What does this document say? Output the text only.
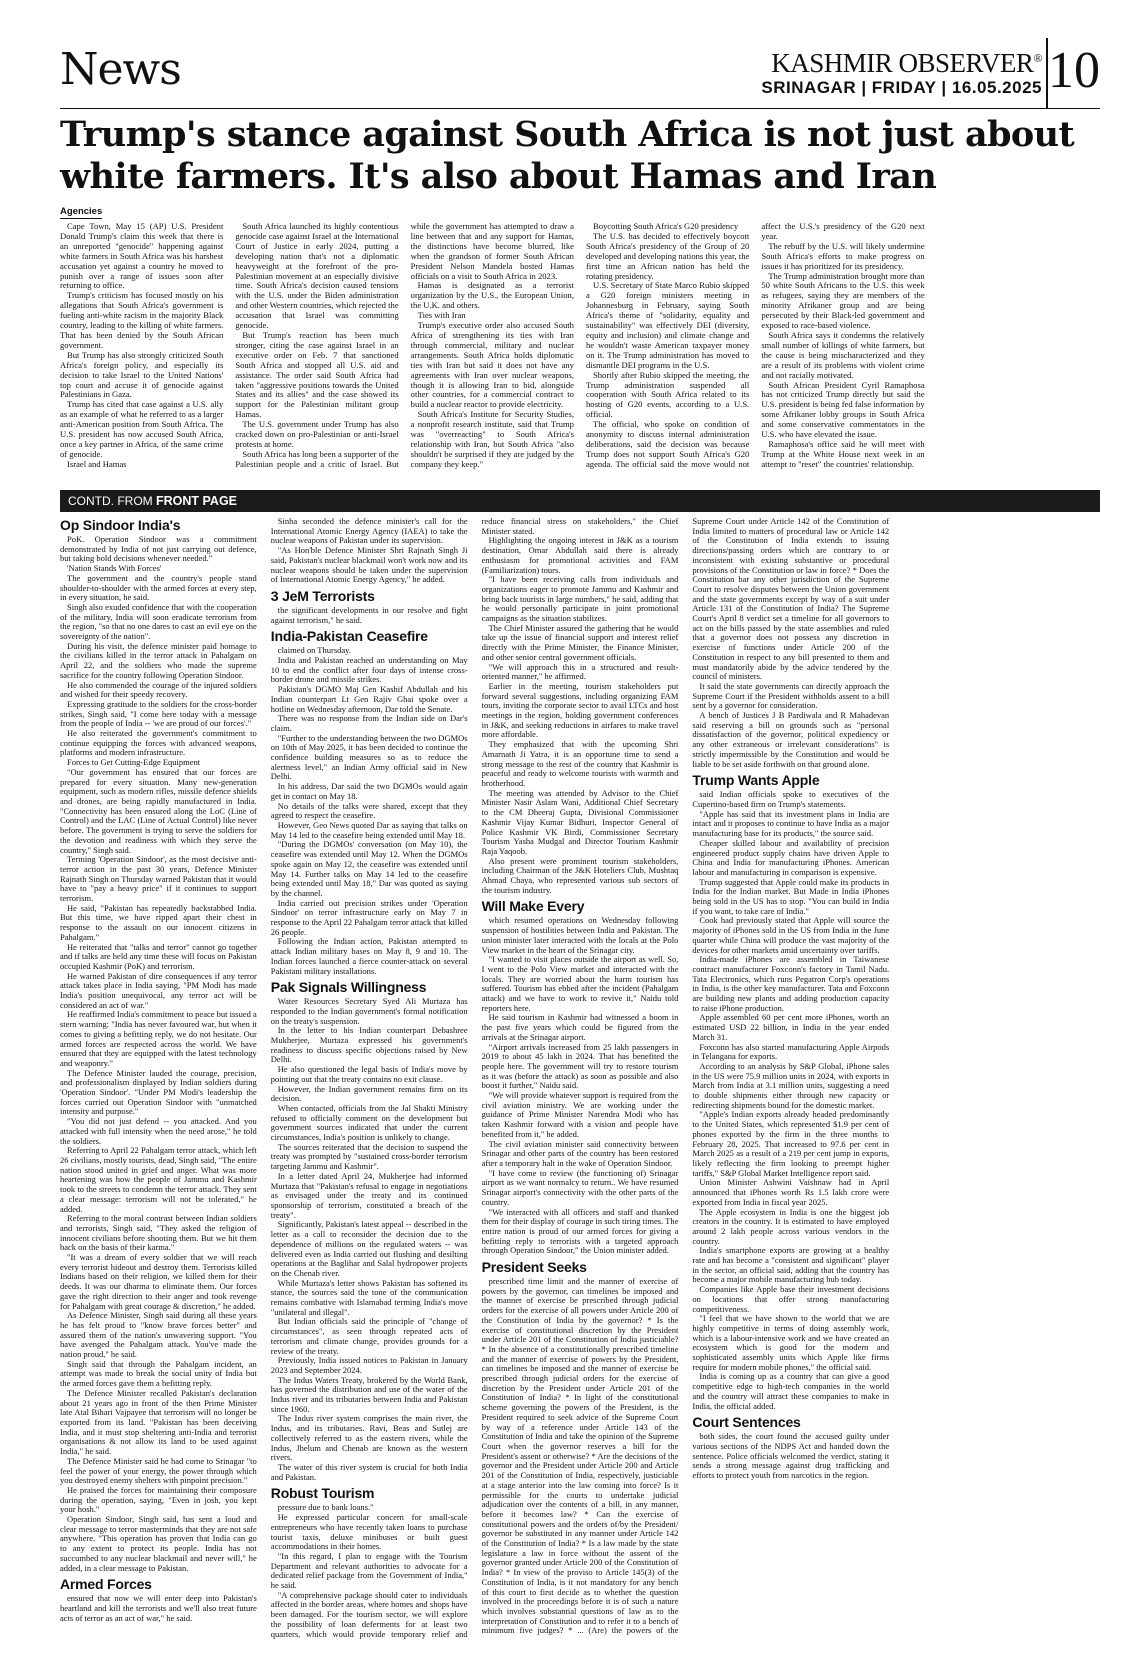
News	KASHMIR OBSERVER®
SRINAGAR | FRIDAY | 16.05.2025 10
Trump's stance against South Africa is not just about white farmers. It's also about Hamas and Iran
Agencies

Cape Town, May 15 (AP) U.S. President Donald Trump's claim this week that there is an unreported "genocide" happening against white farmers in South Africa was his harshest accusation yet against a country he moved to punish over a range of issues soon after returning to office.

Trump's criticism has focused mostly on his allegations that South Africa's government is fueling anti-white racism in the majority Black country, leading to the killing of white farmers. That has been denied by the South African government.

But Trump has also strongly criticized South Africa's foreign policy, and especially its decision to take Israel to the United Nations' top court and accuse it of genocide against Palestinians in Gaza.

Trump has cited that case against a U.S. ally as an example of what he referred to as a larger anti-American position from South Africa. The U.S. president has now accused South Africa, once a key partner in Africa, of the same crime of genocide.

Israel and Hamas

South Africa launched its highly contentious genocide case against Israel at the International Court of Justice in early 2024, putting a developing nation that's not a diplomatic heavyweight at the forefront of the pro-Palestinian movement at an especially divisive time. South Africa's decision caused tensions with the U.S. under the Biden administration and other Western countries, which rejected the accusation that Israel was committing genocide.

But Trump's reaction has been much stronger, citing the case against Israel in an executive order on Feb. 7 that sanctioned South Africa and stopped all U.S. aid and assistance. The order said South Africa had taken "aggressive positions towards the United States and its allies" and the case showed its support for the Palestinian militant group Hamas.

The U.S. government under Trump has also cracked down on pro-Palestinian or anti-Israel protests at home.

South Africa has long been a supporter of the Palestinian people and a critic of Israel. But while the government has attempted to draw a line between that and any support for Hamas, the distinctions have become blurred, like when the grandson of former South African President Nelson Mandela hosted Hamas officials on a visit to South Africa in 2023.

Hamas is designated as a terrorist organization by the U.S., the European Union, the U.K. and others.

Ties with Iran

Trump's executive order also accused South Africa of strengthening its ties with Iran through commercial, military and nuclear arrangements. South Africa holds diplomatic ties with Iran but said it does not have any agreements with Iran over nuclear weapons, though it is allowing Iran to bid, alongside other countries, for a commercial contract to build a nuclear reactor to provide electricity.

South Africa's Institute for Security Studies, a nonprofit research institute, said that Trump was "overreacting" to South Africa's relationship with Iran, but South Africa "also shouldn't be surprised if they are judged by the company they keep."

Boycotting South Africa's G20 presidency

The U.S. has decided to effectively boycott South Africa's presidency of the Group of 20 developed and developing nations this year, the first time an African nation has held the rotating presidency.

U.S. Secretary of State Marco Rubio skipped a G20 foreign ministers meeting in Johannesburg in February, saying South Africa's theme of "solidarity, equality and sustainability" was effectively DEI (diversity, equity and inclusion) and climate change and he wouldn't waste American taxpayer money on it. The Trump administration has moved to dismantle DEI programs in the U.S.

Shortly after Rubio skipped the meeting, the Trump administration suspended all cooperation with South Africa related to its hosting of G20 events, according to a U.S. official.

The official, who spoke on condition of anonymity to discuss internal administration deliberations, said the decision was because Trump does not support South Africa's G20 agenda. The official said the move would not affect the U.S.'s presidency of the G20 next year.

The rebuff by the U.S. will likely undermine South Africa's efforts to make progress on issues it has prioritized for its presidency.

The Trump administration brought more than 50 white South Africans to the U.S. this week as refugees, saying they are members of the minority Afrikaner group and are being persecuted by their Black-led government and exposed to race-based violence.

South Africa says it condemns the relatively small number of killings of white farmers, but the cause is being mischaracterized and they are a result of its problems with violent crime and not racially motivated.

South African President Cyril Ramaphosa has not criticized Trump directly but said the U.S. president is being fed false information by some Afrikaner lobby groups in South Africa and some conservative commentators in the U.S. who have elevated the issue.

Ramaphosa's office said he will meet with Trump at the White House next week in an attempt to "reset" the countries' relationship.

CONTD. FROM FRONT PAGE
Op Sindoor India's

PoK. Operation Sindoor was a commitment demonstrated by India of not just carrying out defence, but taking bold decisions whenever needed."

'Nation Stands With Forces'

The government and the country's people stand shoulder-to-shoulder with the armed forces at every step, in every situation, he said.

Singh also exuded confidence that with the cooperation of the military, India will soon eradicate terrorism from the region, "so that no one dares to cast an evil eye on the sovereignty of the nation".

During his visit, the defence minister paid homage to the civilians killed in the terror attack in Pahalgam on April 22, and the soldiers who made the supreme sacrifice for the country following Operation Sindoor.

He also commended the courage of the injured soldiers and wished for their speedy recovery.

Expressing gratitude to the soldiers for the cross-border strikes, Singh said, "I come here today with a message from the people of India -- 'we are proud of our forces'."

He also reiterated the government's commitment to continue equipping the forces with advanced weapons, platforms and modern infrastructure.

Forces to Get Cutting-Edge Equipment

"Our government has ensured that our forces are prepared for every situation. Many new-generation equipment, such as modern rifles, missile defence shields and drones, are being rapidly manufactured in India. "Connectivity has been ensured along the LoC (Line of Control) and the LAC (Line of Actual Control) like never before. The government is trying to serve the soldiers for the devotion and readiness with which they serve the country," Singh said.

Terming 'Operation Sindoor', as the most decisive anti-terror action in the past 30 years, Defence Minister Rajnath Singh on Thursday warned Pakistan that it would have to "pay a heavy price" if it continues to support terrorism.

He said, "Pakistan has repeatedly backstabbed India. But this time, we have ripped apart their chest in response to the assault on our innocent citizens in Pahalgam."

He reiterated that "talks and terror" cannot go together and if talks are held any time these will focus on Pakistan occupied Kashmir (PoK) and terrorism.

He warned Pakistan of dire consequences if any terror attack takes place in India saying, "PM Modi has made India's position unequivocal, any terror act will be considered an act of war."

He reaffirmed India's commitment to peace but issued a stern warning: "India has never favoured war, but when it comes to giving a befitting reply, we do not hesitate. Our armed forces are respected across the world. We have ensured that they are equipped with the latest technology and weaponry."

The Defence Minister lauded the courage, precision, and professionalism displayed by Indian soldiers during 'Operation Sindoor'. "Under PM Modi's leadership the forces carried out Operation Sindoor with "unmatched intensity and purpose."

"You did not just defend -- you attacked. And you attacked with full intensity when the need arose," he told the soldiers.

Referring to April 22 Pahalgam terror attack, which left 26 civilians, mostly tourists, dead, Singh said, "The entire nation stood united in grief and anger. What was more heartening was how the people of Jammu and Kashmir took to the streets to condemn the terror attack. They sent a clear message: terrorism will not be tolerated," he added.

Referring to the moral contrast between Indian soldiers and terrorists, Singh said, "They asked the religion of innocent civilians before shooting them. But we hit them back on the basis of their karma."

"It was a dream of every soldier that we will reach every terrorist hideout and destroy them. Terrorists killed Indians based on their religion, we killed them for their deeds. It was our dharma to eliminate them. Our forces gave the right direction to their anger and took revenge for Pahalgam with great courage & discretion," he added.

As Defence Minister, Singh said during all these years he has felt proud to "know brave forces better" and assured them of the nation's unwavering support. "You have avenged the Pahalgam attack. You've made the nation proud," he said.

Singh said that through the Pahalgam incident, an attempt was made to break the social unity of India but the armed forces gave them a befitting reply.

The Defence Minister recalled Pakistan's declaration about 21 years ago in front of the then Prime Minister late Atal Bihari Vajpayee that terrorism will no longer be exported from its land. "Pakistan has been deceiving India, and it must stop sheltering anti-India and terrorist organisations & not allow its land to be used against India," he said.

The Defence Minister said he had come to Srinagar "to feel the power of your energy, the power through which you destroyed enemy shelters with pinpoint precision."

He praised the forces for maintaining their composure during the operation, saying, "Even in josh, you kept your hosh."

Operation Sindoor, Singh said, has sent a loud and clear message to terror masterminds that they are not safe anywhere. "This operation has proven that India can go to any extent to protect its people. India has not succumbed to any nuclear blackmail and never will," he added, in a clear message to Pakistan.

Armed Forces

ensured that now we will enter deep into Pakistan's heartland and kill the terrorists and we'll also treat future acts of terror as an act of war," he said.

Sinha seconded the defence minister's call for the International Atomic Energy Agency (IAEA) to take the nuclear weapons of Pakistan under its supervision.

"As Hon'ble Defence Minister Shri Rajnath Singh Ji said, Pakistan's nuclear blackmail won't work now and its nuclear weapons should be taken under the supervision of International Atomic Energy Agency," he added.

3 JeM Terrorists

the significant developments in our resolve and fight against terrorism," he said.

India-Pakistan Ceasefire

claimed on Thursday.

India and Pakistan reached an understanding on May 10 to end the conflict after four days of intense cross-border drone and missile strikes.

Pakistan's DGMO Maj Gen Kashif Abdullah and his Indian counterpart Lt Gen Rajiv Ghai spoke over a hotline on Wednesday afternoon, Dar told the Senate.

There was no response from the Indian side on Dar's claim.

"Further to the understanding between the two DGMOs on 10th of May 2025, it has been decided to continue the confidence building measures so as to reduce the alertness level," an Indian Army official said in New Delhi.

In his address, Dar said the two DGMOs would again get in contact on May 18.

No details of the talks were shared, except that they agreed to respect the ceasefire.

However, Geo News quoted Dar as saying that talks on May 14 led to the ceasefire being extended until May 18.

"During the DGMOs' conversation (on May 10), the ceasefire was extended until May 12. When the DGMOs spoke again on May 12, the ceasefire was extended until May 14. Further talks on May 14 led to the ceasefire being extended until May 18," Dar was quoted as saying by the channel.

India carried out precision strikes under 'Operation Sindoor' on terror infrastructure early on May 7 in response to the April 22 Pahalgam terror attack that killed 26 people.

Following the Indian action, Pakistan attempted to attack Indian military bases on May 8, 9 and 10. The Indian forces launched a fierce counter-attack on several Pakistani military installations.

Pak Signals Willingness

Water Resources Secretary Syed Ali Murtaza has responded to the Indian government's formal notification on the treaty's suspension.

In the letter to his Indian counterpart Debashree Mukherjee, Murtaza expressed his government's readiness to discuss specific objections raised by New Delhi.

He also questioned the legal basis of India's move by pointing out that the treaty contains no exit clause.

However, the Indian government remains firm on its decision.

When contacted, officials from the Jal Shakti Ministry refused to officially comment on the development but government sources indicated that under the current circumstances, India's position is unlikely to change.

The sources reiterated that the decision to suspend the treaty was prompted by "sustained cross-border terrorism targeting Jammu and Kashmir".

In a letter dated April 24, Mukherjee had informed Murtaza that "Pakistan's refusal to engage in negotiations as envisaged under the treaty and its continued sponsorship of terrorism, constituted a breach of the treaty".

Significantly, Pakistan's latest appeal -- described in the letter as a call to reconsider the decision due to the dependence of millions on the regulated waters -- was delivered even as India carried out flushing and desilting operations at the Baglihar and Salal hydropower projects on the Chenab river.

While Murtaza's letter shows Pakistan has softened its stance, the sources said the tone of the communication remains combative with Islamabad terming India's move "unilateral and illegal".

But Indian officials said the principle of "change of circumstances", as seen through repeated acts of terrorism and climate change, provides grounds for a review of the treaty.

Previously, India issued notices to Pakistan in January 2023 and September 2024.

The Indus Waters Treaty, brokered by the World Bank, has governed the distribution and use of the water of the Indus river and its tributaries between India and Pakistan since 1960.

The Indus river system comprises the main river, the Indus, and its tributaries. Ravi, Beas and Sutlej are collectively referred to as the eastern rivers, while the Indus, Jhelum and Chenab are known as the western rivers.

The water of this river system is crucial for both India and Pakistan.

Robust Tourism

pressure due to bank loans."

He expressed particular concern for small-scale entrepreneurs who have recently taken loans to purchase tourist taxis, deluxe minibuses or built guest accommodations in their homes.

"In this regard, I plan to engage with the Tourism Department and relevant authorities to advocate for a dedicated relief package from the Government of India," he said.

"A comprehensive package should cater to individuals affected in the border areas, where homes and shops have been damaged. For the tourism sector, we will explore the possibility of loan deferments for at least two quarters, which would provide temporary relief and reduce financial stress on stakeholders," the Chief Minister stated.

Highlighting the ongoing interest in J&K as a tourism destination, Omar Abdullah said there is already enthusiasm for promotional activities and FAM (Familiarization) tours.

"I have been receiving calls from individuals and organizations eager to promote Jammu and Kashmir and bring back tourists in large numbers," he said, adding that he would personally participate in joint promotional campaigns as the situation stabilizes.

The Chief Minister assured the gathering that he would take up the issue of financial support and interest relief directly with the Prime Minister, the Finance Minister, and other senior central government officials.

"We will approach this in a structured and result-oriented manner," he affirmed.

Earlier in the meeting, tourism stakeholders put forward several suggestions, including organizing FAM tours, inviting the corporate sector to avail LTCs and host meetings in the region, holding government conferences in J&K, and seeking reductions in airfares to make travel more affordable.

They emphasized that with the upcoming Shri Amarnath Ji Yatra, it is an opportune time to send a strong message to the rest of the country that Kashmir is peaceful and ready to welcome tourists with warmth and brotherhood.

The meeting was attended by Advisor to the Chief Minister Nasir Aslam Wani, Additional Chief Secretary to the CM Dheeraj Gupta, Divisional Commissioner Kashmir Vijay Kumar Bidhuri, Inspector General of Police Kashmir VK Birdi, Commissioner Secretary Tourism Yasha Mudgal and Director Tourism Kashmir Raja Yaqoob.

Also present were prominent tourism stakeholders, including Chairman of the J&K Hoteliers Club, Mushtaq Ahmad Chaya, who represented various sub sectors of the tourism industry.

Will Make Every

which resumed operations on Wednesday following suspension of hostilities between India and Pakistan. The union minister later interacted with the locals at the Polo View market in the heart of the Srinagar city.

"I wanted to visit places outside the airport as well. So, I went to the Polo View market and interacted with the locals. They are worried about the harm tourism has suffered. Tourism has ebbed after the incident (Pahalgam attack) and we have to work to revive it," Naidu told reporters here.

He said tourism in Kashmir had witnessed a boom in the past five years which could be figured from the arrivals at the Srinagar airport.

"Airport arrivals increased from 25 lakh passengers in 2019 to about 45 lakh in 2024. That has benefited the people here. The government will try to restore tourism as it was (before the attack) as soon as possible and also boost it further," Naidu said.

"We will provide whatever support is required from the civil aviation ministry. We are working under the guidance of Prime Minister Narendra Modi who has taken Kashmir forward with a vision and people have benefited from it," he added.

The civil aviation minister said connectivity between Srinagar and other parts of the country has been restored after a temporary halt in the wake of Operation Sindoor.

"I have come to review (the functioning of) Srinagar airport as we want normalcy to return.. We have resumed Srinagar airport's connectivity with the other parts of the country.

"We interacted with all officers and staff and thanked them for their display of courage in such tiring times. The entire nation is proud of our armed forces for giving a befitting reply to terrorists with a targeted approach through Operation Sindoor," the Union minister added.

President Seeks

prescribed time limit and the manner of exercise of powers by the governor, can timelines be imposed and the manner of exercise be prescribed through judicial orders for the exercise of all powers under Article 200 of the Constitution of India by the governor? * Is the exercise of constitutional discretion by the President under Article 201 of the Constitution of India justiciable? * In the absence of a constitutionally prescribed timeline and the manner of exercise of powers by the President, can timelines be imposed and the manner of exercise be prescribed through judicial orders for the exercise of discretion by the President under Article 201 of the Constitution of India? * In light of the constitutional scheme governing the powers of the President, is the President required to seek advice of the Supreme Court by way of a reference under Article 143 of the Constitution of India and take the opinion of the Supreme Court when the governor reserves a bill for the President's assent or otherwise? * Are the decisions of the governor and the President under Article 200 and Article 201 of the Constitution of India, respectively, justiciable at a stage anterior into the law coming into force? Is it permissible for the courts to undertake judicial adjudication over the contents of a bill, in any manner, before it becomes law? * Can the exercise of constitutional powers and the orders of/by the President/ governor be substituted in any manner under Article 142 of the Constitution of India? * Is a law made by the state legislature a law in force without the assent of the governor granted under Article 200 of the Constitution of India? * In view of the proviso to Article 145(3) of the Constitution of India, is it not mandatory for any bench of this court to first decide as to whether the question involved in the proceedings before it is of such a nature which involves substantial questions of law as to the interpretation of Constitution and to refer it to a bench of minimum five judges? * ... (Are) the powers of the Supreme Court under Article 142 of the Constitution of India limited to matters of procedural law or Article 142 of the Constitution of India extends to issuing directions/passing orders which are contrary to or inconsistent with existing substantive or procedural provisions of the Constitution or law in force? * Does the Constitution bar any other jurisdiction of the Supreme Court to resolve disputes between the Union government and the state governments except by way of a suit under Article 131 of the Constitution of India? The Supreme Court's April 8 verdict set a timeline for all governors to act on the bills passed by the state assemblies and ruled that a governor does not possess any discretion in exercise of functions under Article 200 of the Constitution in respect to any bill presented to them and must mandatorily abide by the advice tendered by the council of ministers.

It said the state governments can directly approach the Supreme Court if the President withholds assent to a bill sent by a governor for consideration.

A bench of Justices J B Pardiwala and R Mahadevan said reserving a bill on grounds such as "personal dissatisfaction of the governor, political expediency or any other extraneous or irrelevant considerations" is strictly impermissible by the Constitution and would be liable to be set aside forthwith on that ground alone.

Trump Wants Apple

said Indian officials spoke to executives of the Cupertino-based firm on Trump's statements.

"Apple has said that its investment plans in India are intact and it proposes to continue to have India as a major manufacturing base for its products," the source said.

Cheaper skilled labour and availability of precision engineered product supply chains have driven Apple to China and India for manufacturing iPhones. American labour and manufacturing in comparison is expensive.

Trump suggested that Apple could make its products in India for the Indian market. But Made in India iPhones being sold in the US has to stop. "You can build in India if you want, to take care of India."

Cook had previously stated that Apple will source the majority of iPhones sold in the US from India in the June quarter while China will produce the vast majority of the devices for other markets amid uncertainty over tariffs.

India-made iPhones are assembled in Taiwanese contract manufacturer Foxconn's factory in Tamil Nadu. Tata Electronics, which runs Pegatron Corp's operations in India, is the other key manufacturer. Tata and Foxconn are building new plants and adding production capacity to raise iPhone production.

Apple assembled 60 per cent more iPhones, worth an estimated USD 22 billion, in India in the year ended March 31.

Foxconn has also started manufacturing Apple Airpods in Telangana for exports.

According to an analysis by S&P Global, iPhone sales in the US were 75.9 million units in 2024, with exports in March from India at 3.1 million units, suggesting a need to double shipments either through new capacity or redirecting shipments bound for the domestic market.

"Apple's Indian exports already headed predominantly to the United States, which represented $1.9 per cent of phones exported by the firm in the three months to February 28, 2025. That increased to 97.6 per cent in March 2025 as a result of a 219 per cent jump in exports, likely reflecting the firm looking to preempt higher tariffs," S&P Global Market Intelligence report said.

Union Minister Ashwini Vaishnaw had in April announced that iPhones worth Rs 1.5 lakh crore were exported from India in fiscal year 2025.

The Apple ecosystem in India is one the biggest job creators in the country. It is estimated to have employed around 2 lakh people across various vendors in the country.

India's smartphone exports are growing at a healthy rate and has become a "consistent and significant" player in the sector, an official said, adding that the country has become a major mobile manufacturing hub today.

Companies like Apple base their investment decisions on locations that offer strong manufacturing competitiveness.

"I feel that we have shown to the world that we are highly competitive in terms of doing assembly work, which is a labour-intensive work and we have created an ecosystem which is good for the modern and sophisticated assembly units which Apple like firms require for modern mobile phones," the official said.

India is coming up as a country that can give a good competitive edge to high-tech companies in the world and the country will attract these companies to make in India, the official added.

Court Sentences

both sides, the court found the accused guilty under various sections of the NDPS Act and handed down the sentence. Police officials welcomed the verdict, stating it sends a strong message against drug trafficking and efforts to protect youth from narcotics in the region.
